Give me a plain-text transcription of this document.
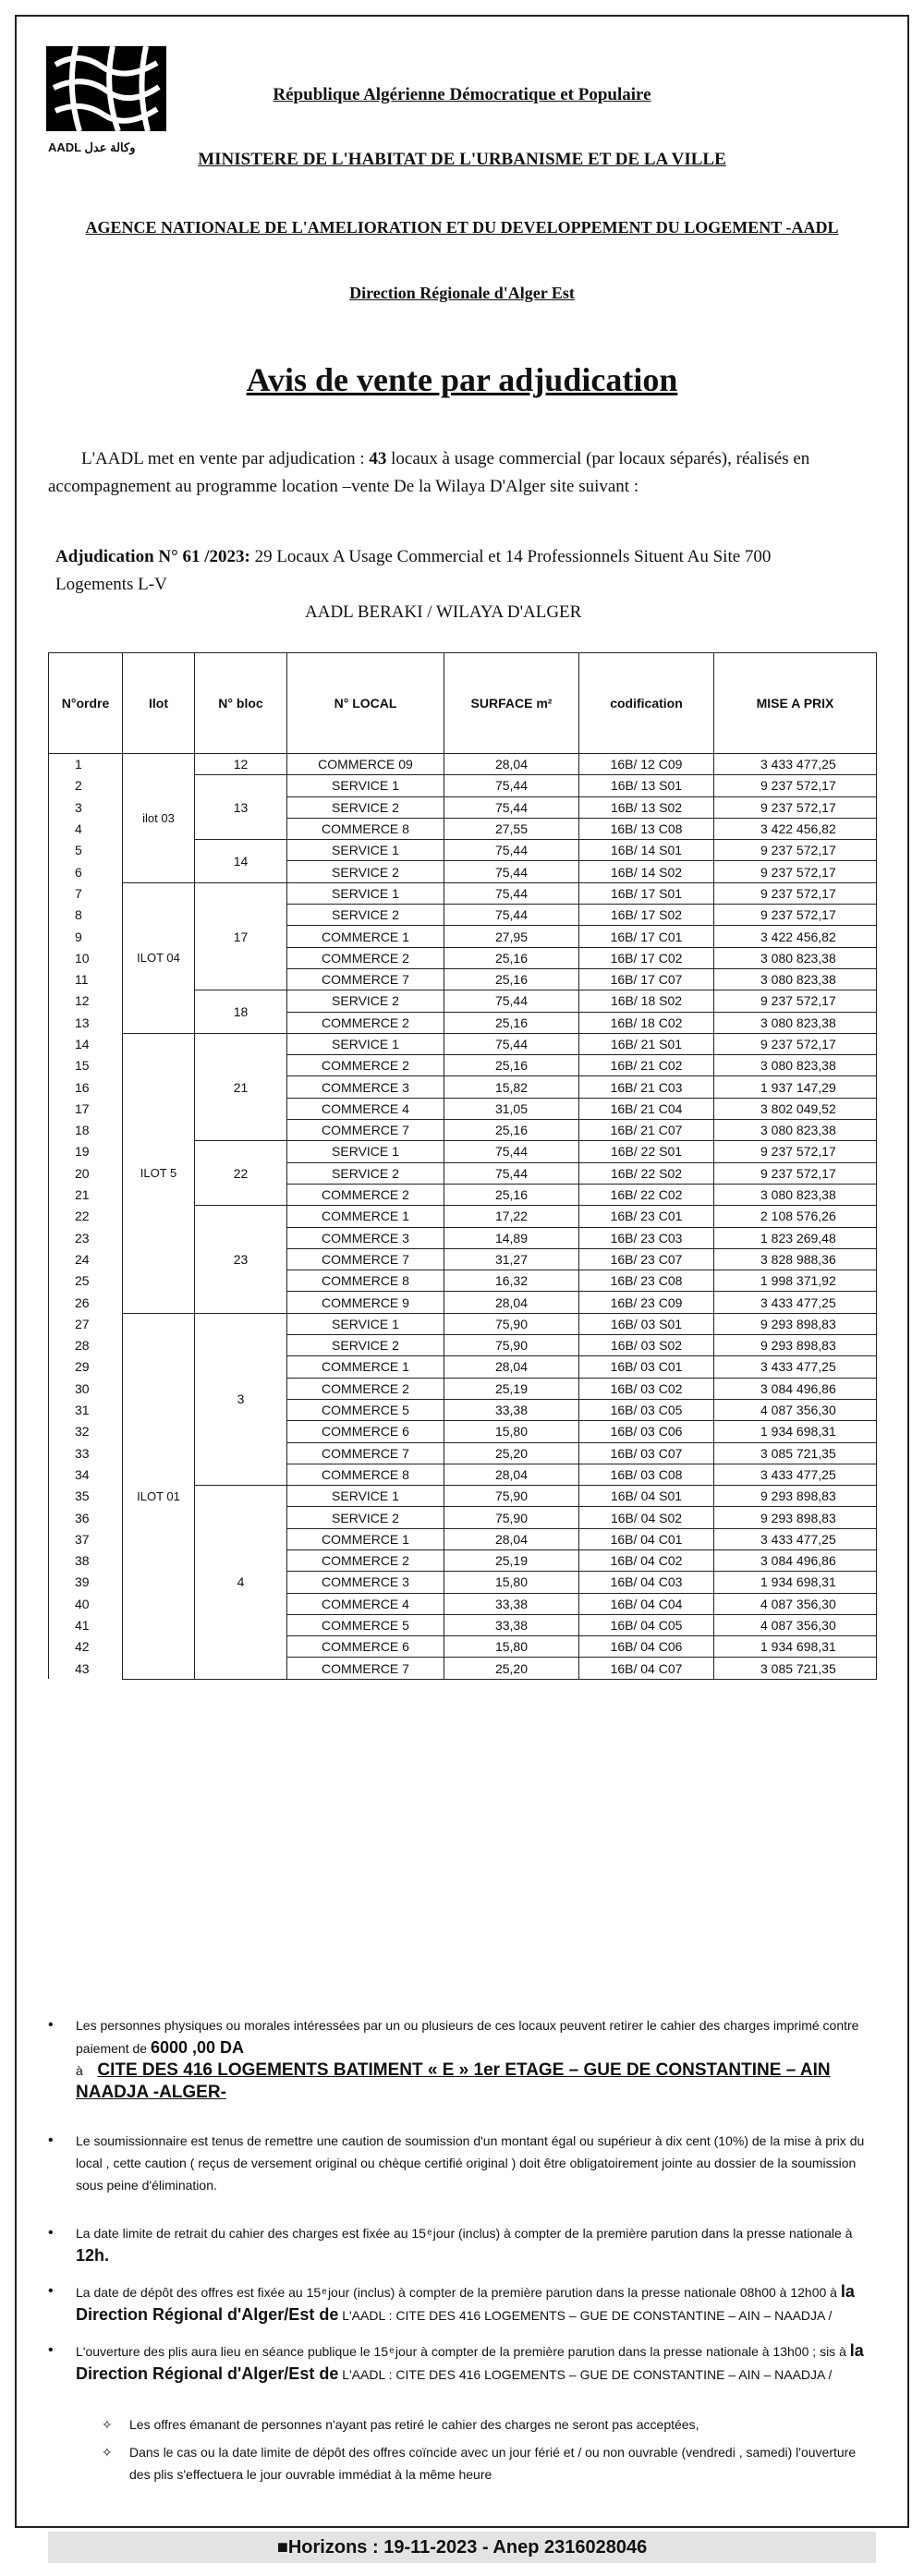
AADL وكالة عدل
République Algérienne Démocratique et Populaire
MINISTERE DE L'HABITAT DE L'URBANISME ET DE LA VILLE
AGENCE NATIONALE DE L'AMELIORATION ET DU DEVELOPPEMENT DU LOGEMENT -AADL
Direction Régionale d'Alger Est
Avis de vente par adjudication
L'AADL met en vente par adjudication : 43 locaux à usage commercial (par locaux séparés), réalisés en accompagnement au programme location –vente De la Wilaya D'Alger site suivant :
Adjudication N° 61 /2023: 29 Locaux A Usage Commercial et 14 Professionnels Situent Au Site 700 Logements L-V
AADL BERAKI / WILAYA D'ALGER
N°ordre	Ilot	N° bloc	N° LOCAL	SURFACE m²	codification	MISE A PRIX
1	ilot 03	12	COMMERCE 09	28,04	16B/ 12 C09	3 433 477,25
2		13	SERVICE 1	75,44	16B/ 13 S01	9 237 572,17
3			SERVICE 2	75,44	16B/ 13 S02	9 237 572,17
4			COMMERCE 8	27,55	16B/ 13 C08	3 422 456,82
5		14	SERVICE 1	75,44	16B/ 14 S01	9 237 572,17
6			SERVICE 2	75,44	16B/ 14 S02	9 237 572,17
7	ILOT 04	17	SERVICE 1	75,44	16B/ 17 S01	9 237 572,17
8			SERVICE 2	75,44	16B/ 17 S02	9 237 572,17
9			COMMERCE 1	27,95	16B/ 17 C01	3 422 456,82
10			COMMERCE 2	25,16	16B/ 17 C02	3 080 823,38
11			COMMERCE 7	25,16	16B/ 17 C07	3 080 823,38
12		18	SERVICE 2	75,44	16B/ 18 S02	9 237 572,17
13			COMMERCE 2	25,16	16B/ 18 C02	3 080 823,38
14	ILOT 5	21	SERVICE 1	75,44	16B/ 21 S01	9 237 572,17
15			COMMERCE 2	25,16	16B/ 21 C02	3 080 823,38
16			COMMERCE 3	15,82	16B/ 21 C03	1 937 147,29
17			COMMERCE 4	31,05	16B/ 21 C04	3 802 049,52
18			COMMERCE 7	25,16	16B/ 21 C07	3 080 823,38
19		22	SERVICE 1	75,44	16B/ 22 S01	9 237 572,17
20			SERVICE 2	75,44	16B/ 22 S02	9 237 572,17
21			COMMERCE 2	25,16	16B/ 22 C02	3 080 823,38
22		23	COMMERCE 1	17,22	16B/ 23 C01	2 108 576,26
23			COMMERCE 3	14,89	16B/ 23 C03	1 823 269,48
24			COMMERCE 7	31,27	16B/ 23 C07	3 828 988,36
25			COMMERCE 8	16,32	16B/ 23 C08	1 998 371,92
26			COMMERCE 9	28,04	16B/ 23 C09	3 433 477,25
27	ILOT 01	3	SERVICE 1	75,90	16B/ 03 S01	9 293 898,83
28			SERVICE 2	75,90	16B/ 03 S02	9 293 898,83
29			COMMERCE 1	28,04	16B/ 03 C01	3 433 477,25
30			COMMERCE 2	25,19	16B/ 03 C02	3 084 496,86
31			COMMERCE 5	33,38	16B/ 03 C05	4 087 356,30
32			COMMERCE 6	15,80	16B/ 03 C06	1 934 698,31
33			COMMERCE 7	25,20	16B/ 03 C07	3 085 721,35
34			COMMERCE 8	28,04	16B/ 03 C08	3 433 477,25
35		4	SERVICE 1	75,90	16B/ 04 S01	9 293 898,83
36			SERVICE 2	75,90	16B/ 04 S02	9 293 898,83
37			COMMERCE 1	28,04	16B/ 04 C01	3 433 477,25
38			COMMERCE 2	25,19	16B/ 04 C02	3 084 496,86
39			COMMERCE 3	15,80	16B/ 04 C03	1 934 698,31
40			COMMERCE 4	33,38	16B/ 04 C04	4 087 356,30
41			COMMERCE 5	33,38	16B/ 04 C05	4 087 356,30
42			COMMERCE 6	15,80	16B/ 04 C06	1 934 698,31
43			COMMERCE 7	25,20	16B/ 04 C07	3 085 721,35
• Les personnes physiques ou morales intéressées par un ou plusieurs de ces locaux peuvent retirer le cahier des charges imprimé contre paiement de 6000 ,00 DA
à CITE DES 416 LOGEMENTS BATIMENT « E » 1er ETAGE – GUE DE CONSTANTINE – AIN NAADJA -ALGER-
• Le soumissionnaire est tenus de remettre une caution de soumission d'un montant égal ou supérieur à dix cent (10%) de la mise à prix du local , cette caution ( reçus de versement original ou chèque certifié original ) doit être obligatoirement jointe au dossier de la soumission sous peine d'élimination.
• La date limite de retrait du cahier des charges est fixée au 15 ͤ jour (inclus) à compter de la première parution dans la presse nationale à 12h.
• La date de dépôt des offres est fixée au 15 ͤ jour (inclus) à compter de la première parution dans la presse nationale 08h00 à 12h00 à la Direction Régional d'Alger/Est de L'AADL : CITE DES 416 LOGEMENTS – GUE DE CONSTANTINE – AIN – NAADJA /
• L'ouverture des plis aura lieu en séance publique le 15 ͤ jour à compter de la première parution dans la presse nationale à 13h00 ; sis à la Direction Régional d'Alger/Est de L'AADL : CITE DES 416 LOGEMENTS – GUE DE CONSTANTINE – AIN – NAADJA /
✧ Les offres émanant de personnes n'ayant pas retiré le cahier des charges ne seront pas acceptées,
✧ Dans le cas ou la date limite de dépôt des offres coïncide avec un jour férié et / ou non ouvrable (vendredi , samedi) l'ouverture des plis s'effectuera le jour ouvrable immédiat à la même heure
■Horizons : 19-11-2023 - Anep 2316028046
